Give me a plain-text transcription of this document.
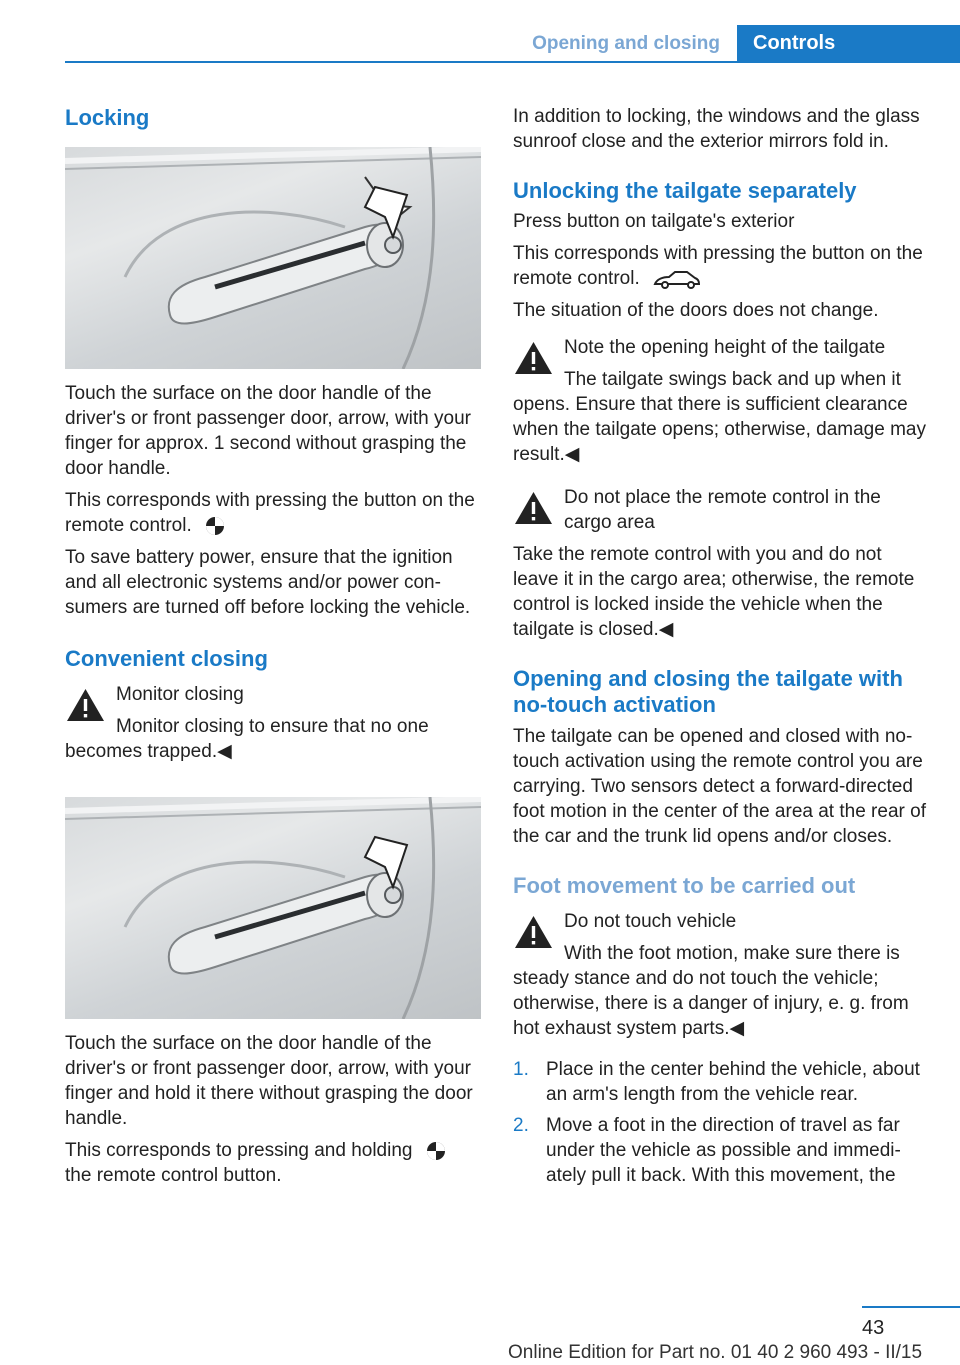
Opening and closing	Controls
Locking

Touch the surface on the door handle of the driver's or front passenger door, arrow, with your finger for approx. 1 second without grasping the door handle.

This corresponds with pressing the button on the remote control.

To save battery power, ensure that the ignition and all electronic systems and/or power consumers are turned off before locking the vehicle.

Convenient closing

Monitor closing

Monitor closing to ensure that no one becomes trapped.◀

Touch the surface on the door handle of the driver's or front passenger door, arrow, with your finger and hold it there without grasping the door handle.

This corresponds to pressing and holding
the remote control button.

In addition to locking, the windows and the glass sunroof close and the exterior mirrors fold in.

Unlocking the tailgate separately

Press button on tailgate's exterior

This corresponds with pressing the button on the remote control.

The situation of the doors does not change.

Note the opening height of the tailgate

The tailgate swings back and up when it opens. Ensure that there is sufficient clearance when the tailgate opens; otherwise, damage may result.◀

Do not place the remote control in the cargo area

Take the remote control with you and do not leave it in the cargo area; otherwise, the remote control is locked inside the vehicle when the tailgate is closed.◀

Opening and closing the tailgate with no-touch activation

The tailgate can be opened and closed with no-touch activation using the remote control you are carrying. Two sensors detect a forward-directed foot motion in the center of the area at the rear of the car and the trunk lid opens and/or closes.

Foot movement to be carried out

Do not touch vehicle

With the foot motion, make sure there is steady stance and do not touch the vehicle; otherwise, there is a danger of injury, e. g. from hot exhaust system parts.◀

1. Place in the center behind the vehicle, about an arm's length from the vehicle rear.
2. Move a foot in the direction of travel as far under the vehicle as possible and immediately pull it back. With this movement, the
43
Online Edition for Part no. 01 40 2 960 493 - II/15
